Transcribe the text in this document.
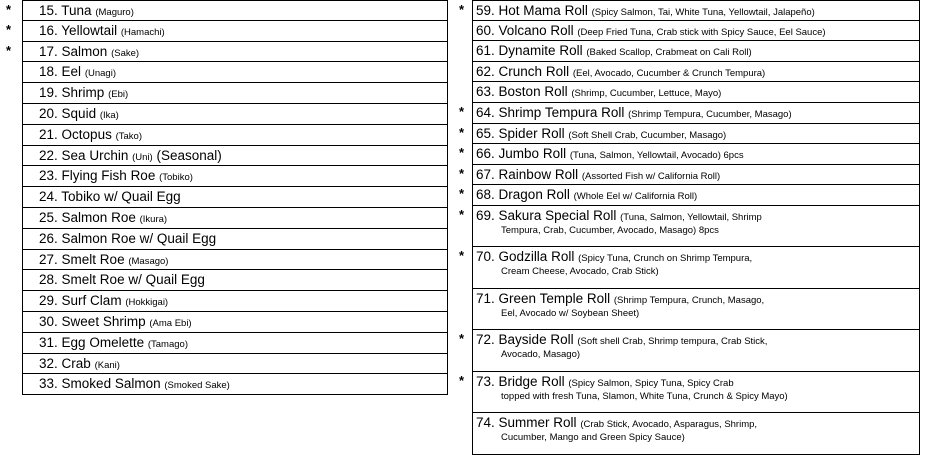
*	15. Tuna (Maguro)
*	16. Yellowtail (Hamachi)
*	17. Salmon (Sake)
18. Eel (Unagi)
19. Shrimp (Ebi)
20. Squid (Ika)
21. Octopus (Tako)
22. Sea Urchin (Uni) (Seasonal)
23. Flying Fish Roe (Tobiko)
24. Tobiko w/ Quail Egg
25. Salmon Roe (Ikura)
26. Salmon Roe w/ Quail Egg
27. Smelt Roe (Masago)
28. Smelt Roe w/ Quail Egg
29. Surf Clam (Hokkigai)
30. Sweet Shrimp (Ama Ebi)
31. Egg Omelette (Tamago)
32. Crab (Kani)
33. Smoked Salmon (Smoked Sake)
* 59. Hot Mama Roll (Spicy Salmon, Tai, White Tuna, Yellowtail, Jalapeño)
60. Volcano Roll (Deep Fried Tuna, Crab stick with Spicy Sauce, Eel Sauce)
61. Dynamite Roll (Baked Scallop, Crabmeat on Cali Roll)
62. Crunch Roll (Eel, Avocado, Cucumber & Crunch Tempura)
63. Boston Roll (Shrimp, Cucumber, Lettuce, Mayo)
* 64. Shrimp Tempura Roll (Shrimp Tempura, Cucumber, Masago)
* 65. Spider Roll (Soft Shell Crab, Cucumber, Masago)
* 66. Jumbo Roll (Tuna, Salmon, Yellowtail, Avocado) 6pcs
* 67. Rainbow Roll (Assorted Fish w/ California Roll)
* 68. Dragon Roll (Whole Eel w/ California Roll)
* 69. Sakura Special Roll (Tuna, Salmon, Yellowtail, Shrimp
Tempura, Crab, Cucumber, Avocado, Masago) 8pcs
* 70. Godzilla Roll (Spicy Tuna, Crunch on Shrimp Tempura,
Cream Cheese, Avocado, Crab Stick)
71. Green Temple Roll (Shrimp Tempura, Crunch, Masago,
Eel, Avocado w/ Soybean Sheet)
* 72. Bayside Roll (Soft shell Crab, Shrimp tempura, Crab Stick,
Avocado, Masago)
* 73. Bridge Roll (Spicy Salmon, Spicy Tuna, Spicy Crab
topped with fresh Tuna, Slamon, White Tuna, Crunch & Spicy Mayo)
74. Summer Roll (Crab Stick, Avocado, Asparagus, Shrimp,
Cucumber, Mango and Green Spicy Sauce)
